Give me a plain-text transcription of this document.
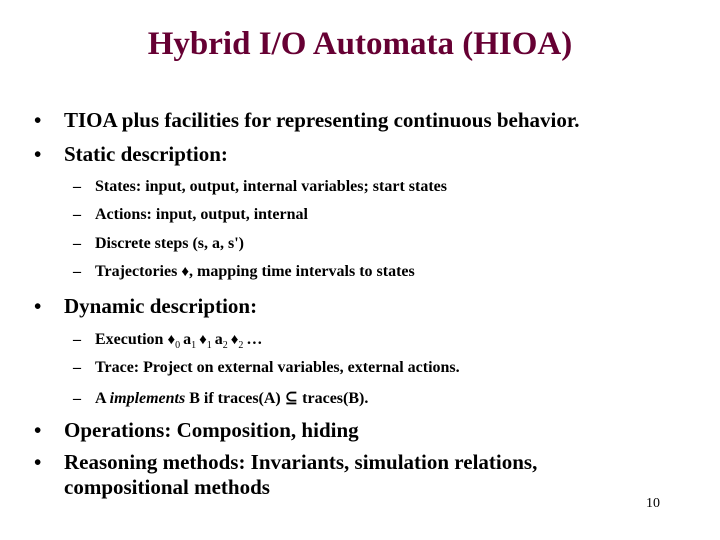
Hybrid I/O Automata (HIOA)
• TIOA plus facilities for representing continuous behavior.
• Static description:
– States: input, output, internal variables; start states
– Actions: input, output, internal
– Discrete steps (s, a, s')
– Trajectories ♦, mapping time intervals to states
• Dynamic description:
– Execution $♦_0$ $a_1$ $♦_1$ $a_2$ $♦_2$ …
– Trace: Project on external variables, external actions.
– A implements B if traces(A) ⊆ traces(B).
• Operations: Composition, hiding
• Reasoning methods: Invariants, simulation relations,
compositional methods
10
